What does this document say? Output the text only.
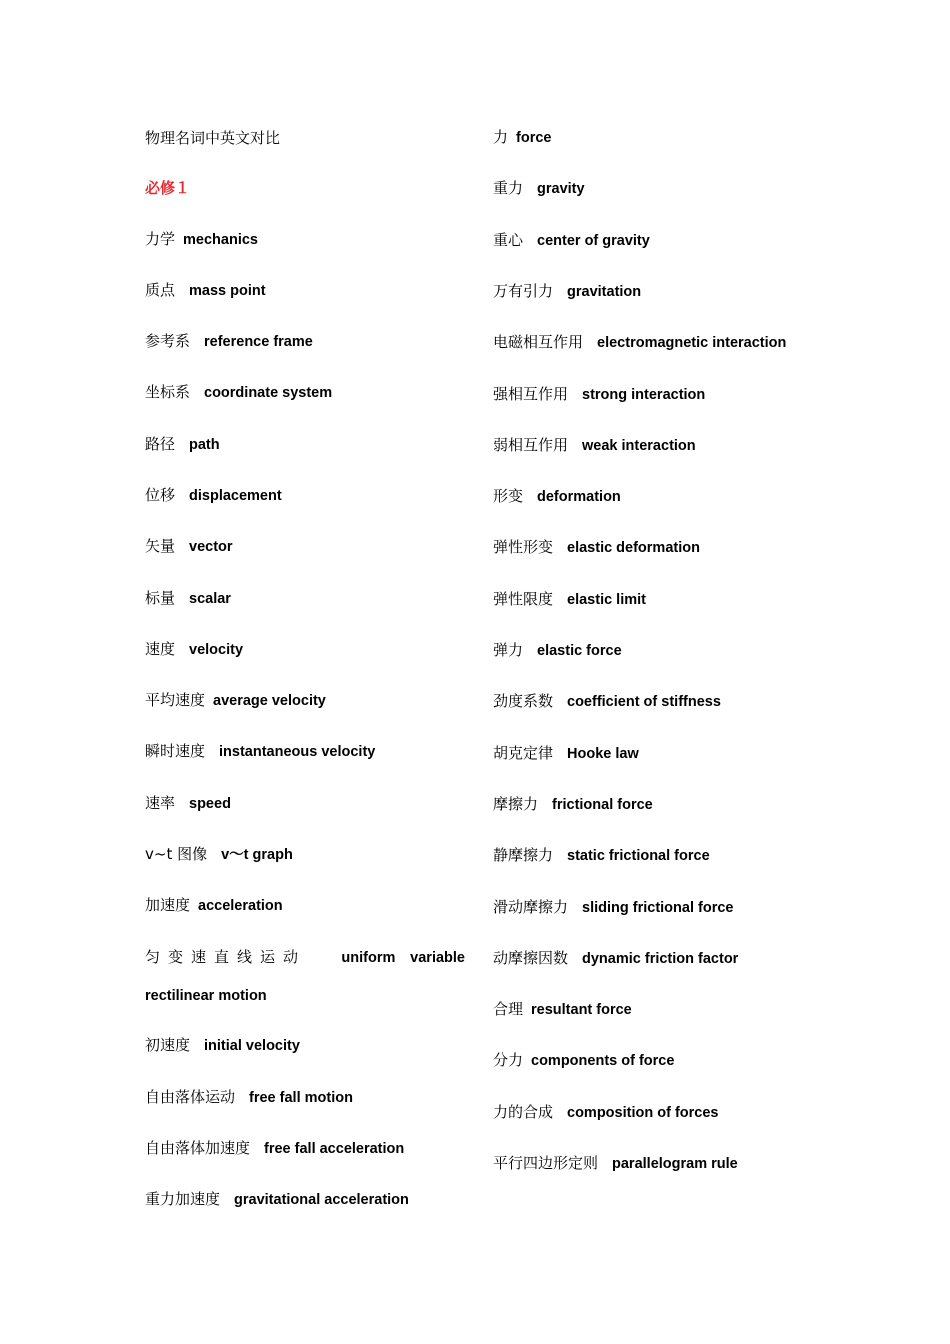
物理名词中英文对比
必修１
力学 mechanics
质点 mass point
参考系 reference frame
坐标系 coordinate system
路径 path
位移 displacement
矢量 vector
标量 scalar
速度 velocity
平均速度 average velocity
瞬时速度 instantaneous velocity
速率 speed
v~t 图像 v～t graph
加速度 acceleration
匀变速直线运动 uniform variable
rectilinear motion
初速度 initial velocity
自由落体运动 free fall motion
自由落体加速度 free fall acceleration
重力加速度 gravitational acceleration
力 force
重力 gravity
重心 center of gravity
万有引力 gravitation
电磁相互作用 electromagnetic interaction
强相互作用 strong interaction
弱相互作用 weak interaction
形变 deformation
弹性形变 elastic deformation
弹性限度 elastic limit
弹力 elastic force
劲度系数 coefficient of stiffness
胡克定律 Hooke law
摩擦力 frictional force
静摩擦力 static frictional force
滑动摩擦力 sliding frictional force
动摩擦因数 dynamic friction factor
合理 resultant force
分力 components of force
力的合成 composition of forces
平行四边形定则 parallelogram rule
